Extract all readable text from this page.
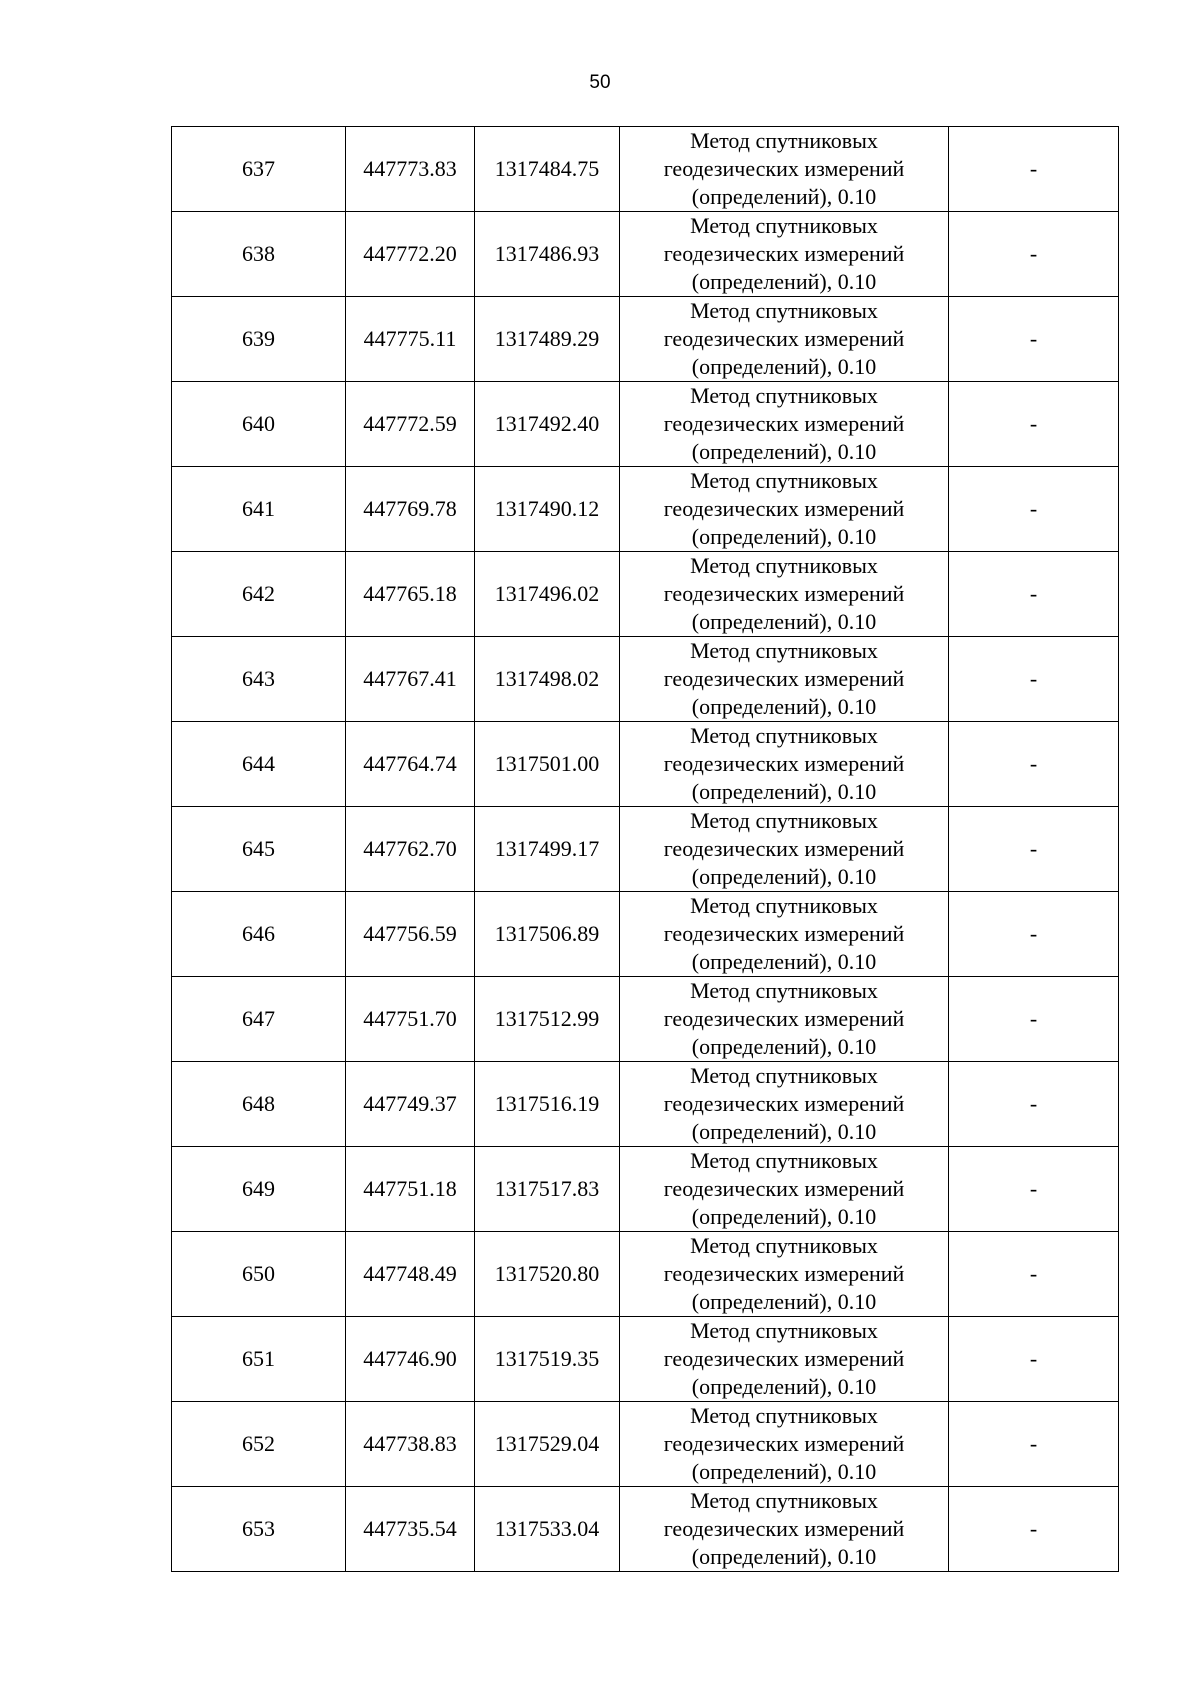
50
637	447773.83	1317484.75	Метод спутниковых
геодезических измерений
(определений), 0.10	-
638	447772.20	1317486.93	Метод спутниковых
геодезических измерений
(определений), 0.10	-
639	447775.11	1317489.29	Метод спутниковых
геодезических измерений
(определений), 0.10	-
640	447772.59	1317492.40	Метод спутниковых
геодезических измерений
(определений), 0.10	-
641	447769.78	1317490.12	Метод спутниковых
геодезических измерений
(определений), 0.10	-
642	447765.18	1317496.02	Метод спутниковых
геодезических измерений
(определений), 0.10	-
643	447767.41	1317498.02	Метод спутниковых
геодезических измерений
(определений), 0.10	-
644	447764.74	1317501.00	Метод спутниковых
геодезических измерений
(определений), 0.10	-
645	447762.70	1317499.17	Метод спутниковых
геодезических измерений
(определений), 0.10	-
646	447756.59	1317506.89	Метод спутниковых
геодезических измерений
(определений), 0.10	-
647	447751.70	1317512.99	Метод спутниковых
геодезических измерений
(определений), 0.10	-
648	447749.37	1317516.19	Метод спутниковых
геодезических измерений
(определений), 0.10	-
649	447751.18	1317517.83	Метод спутниковых
геодезических измерений
(определений), 0.10	-
650	447748.49	1317520.80	Метод спутниковых
геодезических измерений
(определений), 0.10	-
651	447746.90	1317519.35	Метод спутниковых
геодезических измерений
(определений), 0.10	-
652	447738.83	1317529.04	Метод спутниковых
геодезических измерений
(определений), 0.10	-
653	447735.54	1317533.04	Метод спутниковых
геодезических измерений
(определений), 0.10	-
